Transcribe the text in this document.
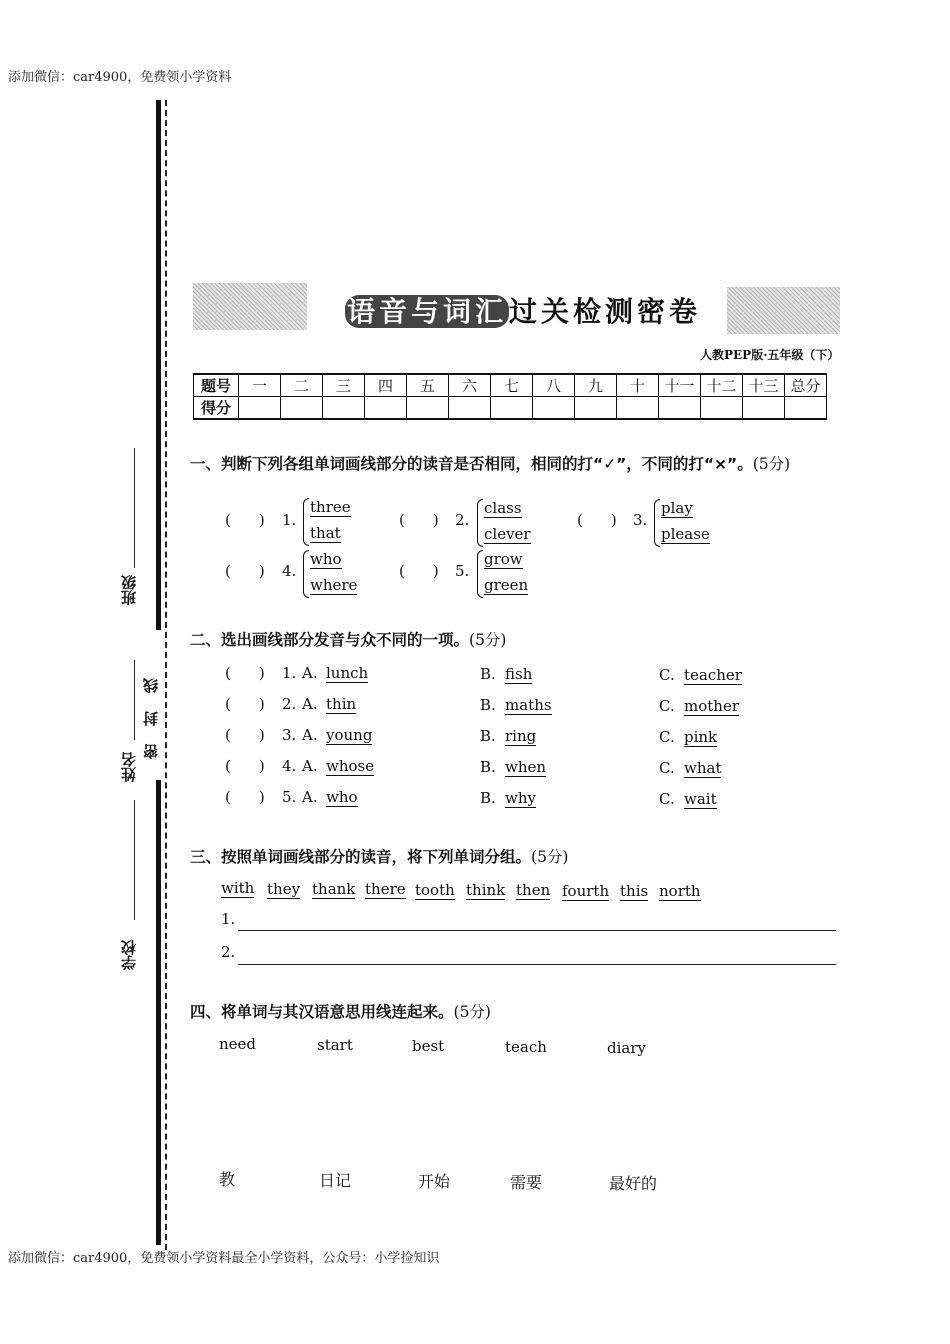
添加微信：car4900，免费领小学资料
添加微信：car4900，免费领小学资料最全小学资料，公众号：小学捡知识
班级
姓名
密封线
学校
语音与词汇过关检测密卷
人教PEP版·五年级（下）
题号	一	二	三	四	五	六	七	八	九	十	十一	十二	十三	总分
得分														
一、判断下列各组单词画线部分的读音是否相同，相同的打“✓”，不同的打“×”。(5分)
( ) 1.
three
that
( ) 2.
class
clever
( ) 3.
play
please
( ) 4.
who
where
( ) 5.
grow
green
二、选出画线部分发音与众不同的一项。(5分)
( ) 1. A. lunch	B. fish	C. teacher
( ) 2. A. thin	B. maths	C. mother
( ) 3. A. young	B. ring	C. pink
( ) 4. A. whose	B. when	C. what
( ) 5. A. who	B. why	C. wait
三、按照单词画线部分的读音，将下列单词分组。(5分)
with they thank there tooth think then fourth this north
1.
2.
四、将单词与其汉语意思用线连起来。(5分)
need	start	best	teach	diary
教	日记	开始	需要	最好的
